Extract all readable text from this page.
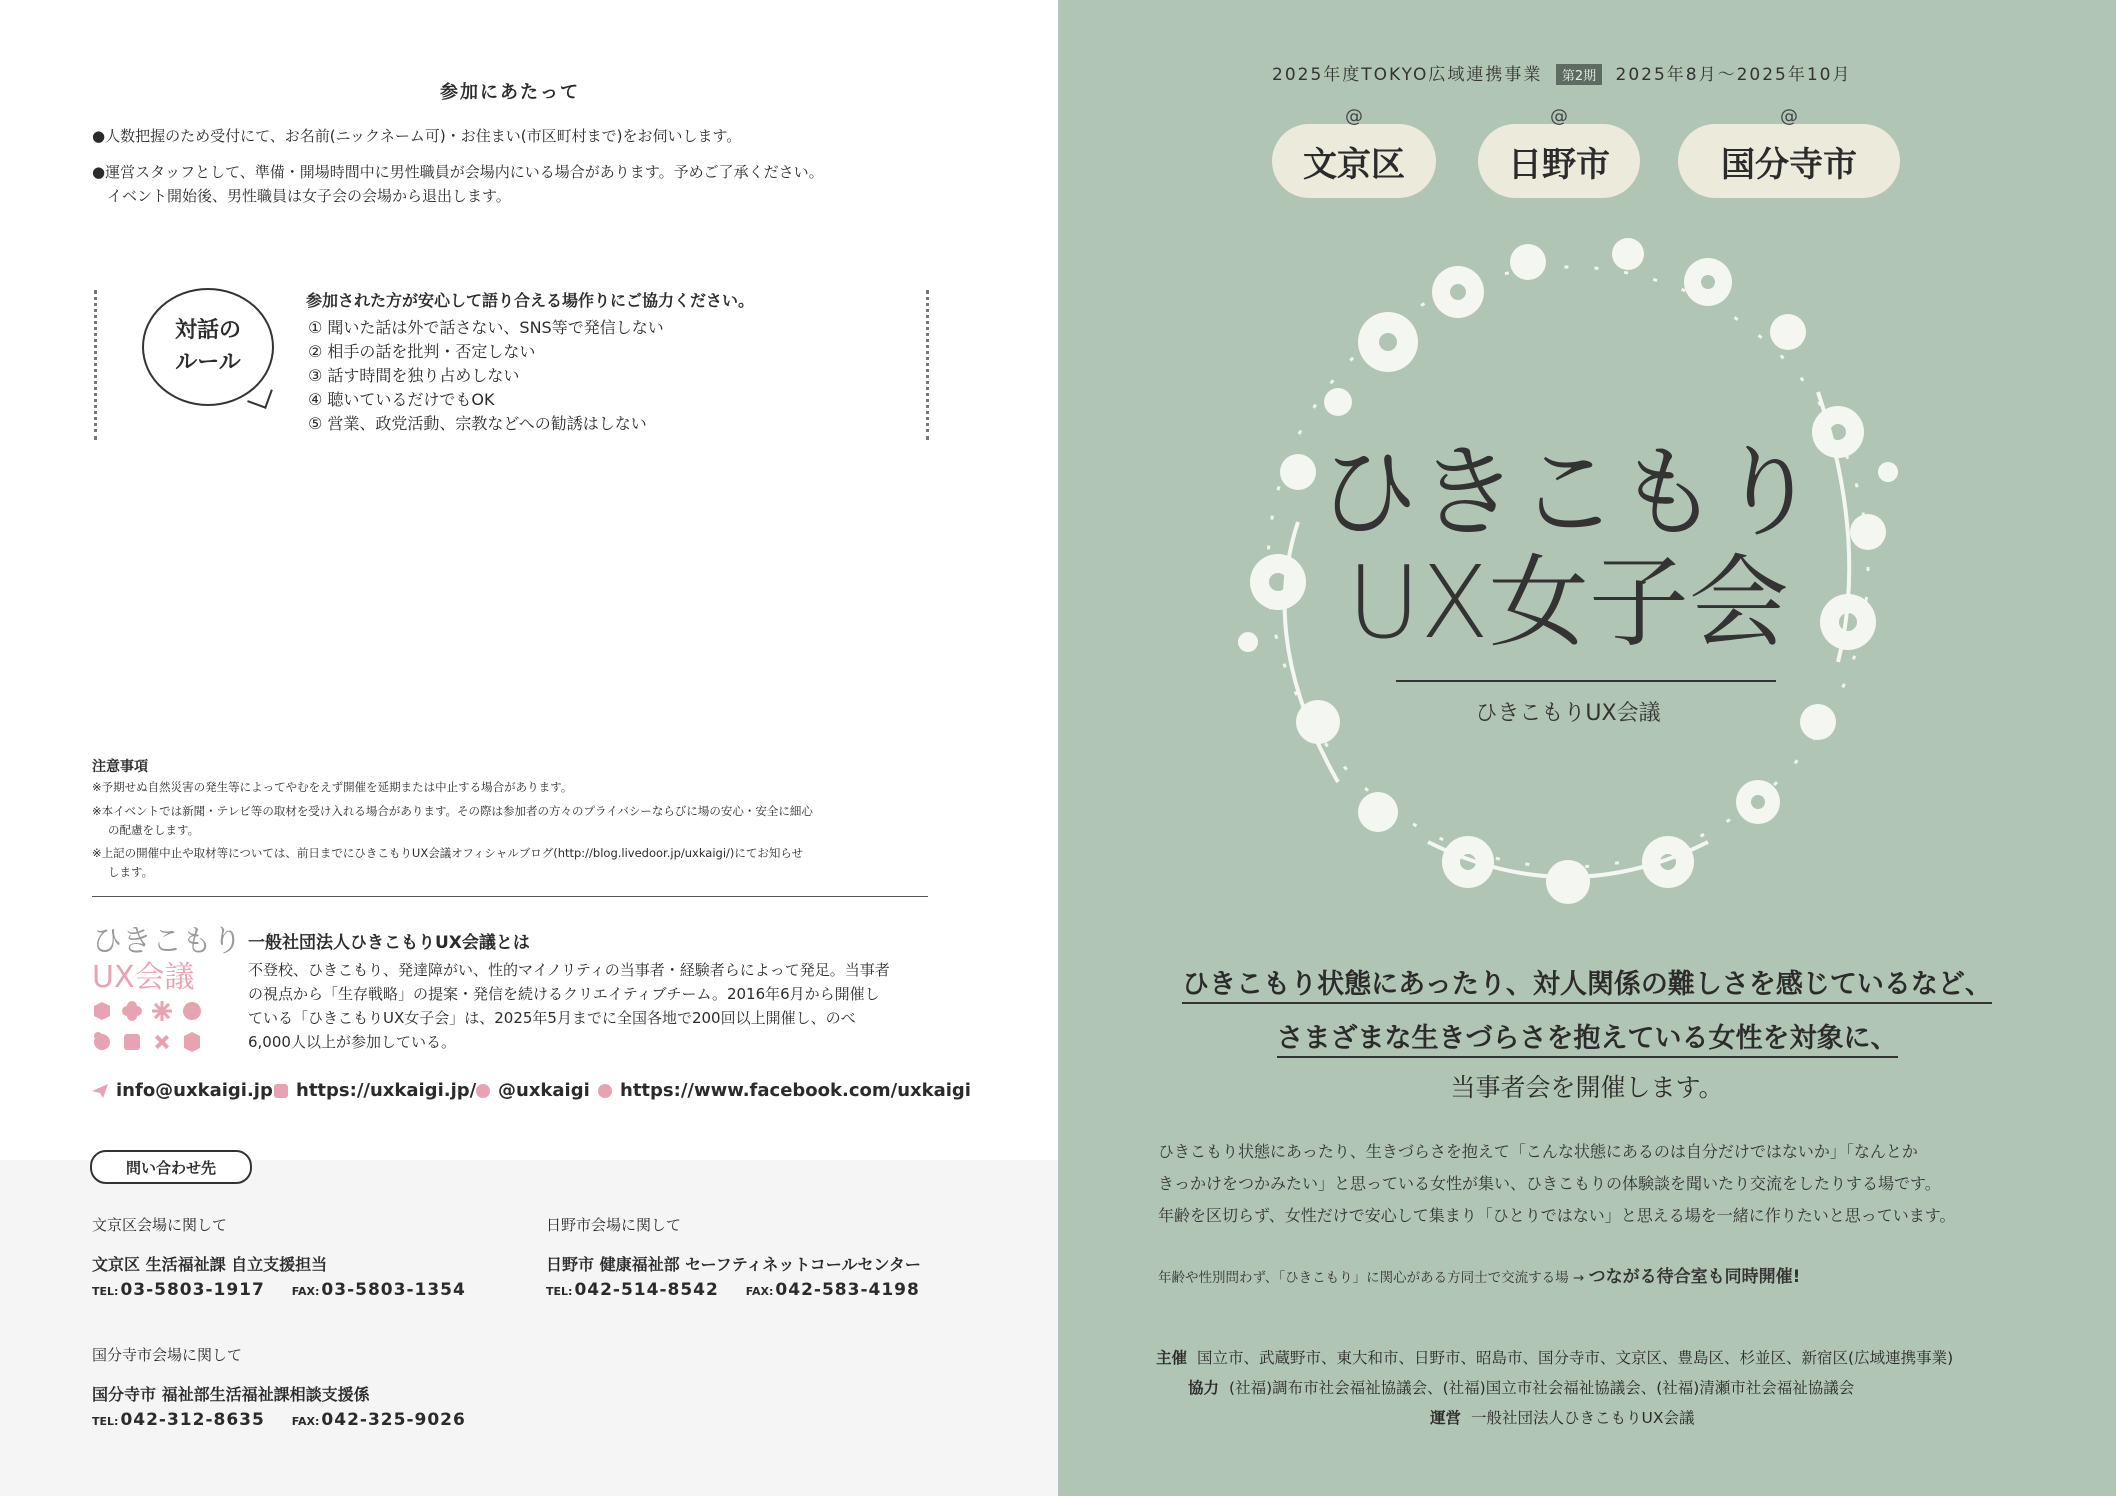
参加にあたって
●人数把握のため受付にて、お名前(ニックネーム可)・お住まい(市区町村まで)をお伺いします。
●運営スタッフとして、準備・開場時間中に男性職員が会場内にいる場合があります。予めご了承ください。
イベント開始後、男性職員は女子会の会場から退出します。
対話の
ルール
参加された方が安心して語り合える場作りにご協力ください。
① 聞いた話は外で話さない、SNS等で発信しない
② 相手の話を批判・否定しない
③ 話す時間を独り占めしない
④ 聴いているだけでもOK
⑤ 営業、政党活動、宗教などへの勧誘はしない
注意事項
※予期せぬ自然災害の発生等によってやむをえず開催を延期または中止する場合があります。
※本イベントでは新聞・テレビ等の取材を受け入れる場合があります。その際は参加者の方々のプライバシーならびに場の安心・安全に細心
の配慮をします。
※上記の開催中止や取材等については、前日までにひきこもりUX会議オフィシャルブログ(http://blog.livedoor.jp/uxkaigi/)にてお知らせ
します。
ひきこもり
UX会議
一般社団法人ひきこもりUX会議とは
不登校、ひきこもり、発達障がい、性的マイノリティの当事者・経験者らによって発足。当事者
の視点から「生存戦略」の提案・発信を続けるクリエイティブチーム。2016年6月から開催し
ている「ひきこもりUX女子会」は、2025年5月までに全国各地で200回以上開催し、のべ
6,000人以上が参加している。
info@uxkaigi.jp https://uxkaigi.jp/ @uxkaigi https://www.facebook.com/uxkaigi
問い合わせ先
文京区会場に関して
文京区 生活福祉課 自立支援担当
TEL: 03-5803-1917 FAX: 03-5803-1354
日野市会場に関して
日野市 健康福祉部 セーフティネットコールセンター
TEL: 042-514-8542 FAX: 042-583-4198
国分寺市会場に関して
国分寺市 福祉部生活福祉課相談支援係
TEL: 042-312-8635 FAX: 042-325-9026
2025年度TOKYO広域連携事業 第2期 2025年8月～2025年10月
@
文京区
@
日野市
@
国分寺市
ひきこもり
UX女子会
ひきこもりUX会議
ひきこもり状態にあったり、対人関係の難しさを感じているなど、
さまざまな生きづらさを抱えている女性を対象に、
当事者会を開催します。
ひきこもり状態にあったり、生きづらさを抱えて「こんな状態にあるのは自分だけではないか」「なんとか
きっかけをつかみたい」と思っている女性が集い、ひきこもりの体験談を聞いたり交流をしたりする場です。
年齢を区切らず、女性だけで安心して集まり「ひとりではない」と思える場を一緒に作りたいと思っています。
年齢や性別問わず、「ひきこもり」に関心がある方同士で交流する場 → つながる待合室も同時開催!
主催 国立市、武蔵野市、東大和市、日野市、昭島市、国分寺市、文京区、豊島区、杉並区、新宿区(広域連携事業)
協力 (社福)調布市社会福祉協議会、(社福)国立市社会福祉協議会、(社福)清瀬市社会福祉協議会
運営 一般社団法人ひきこもりUX会議
